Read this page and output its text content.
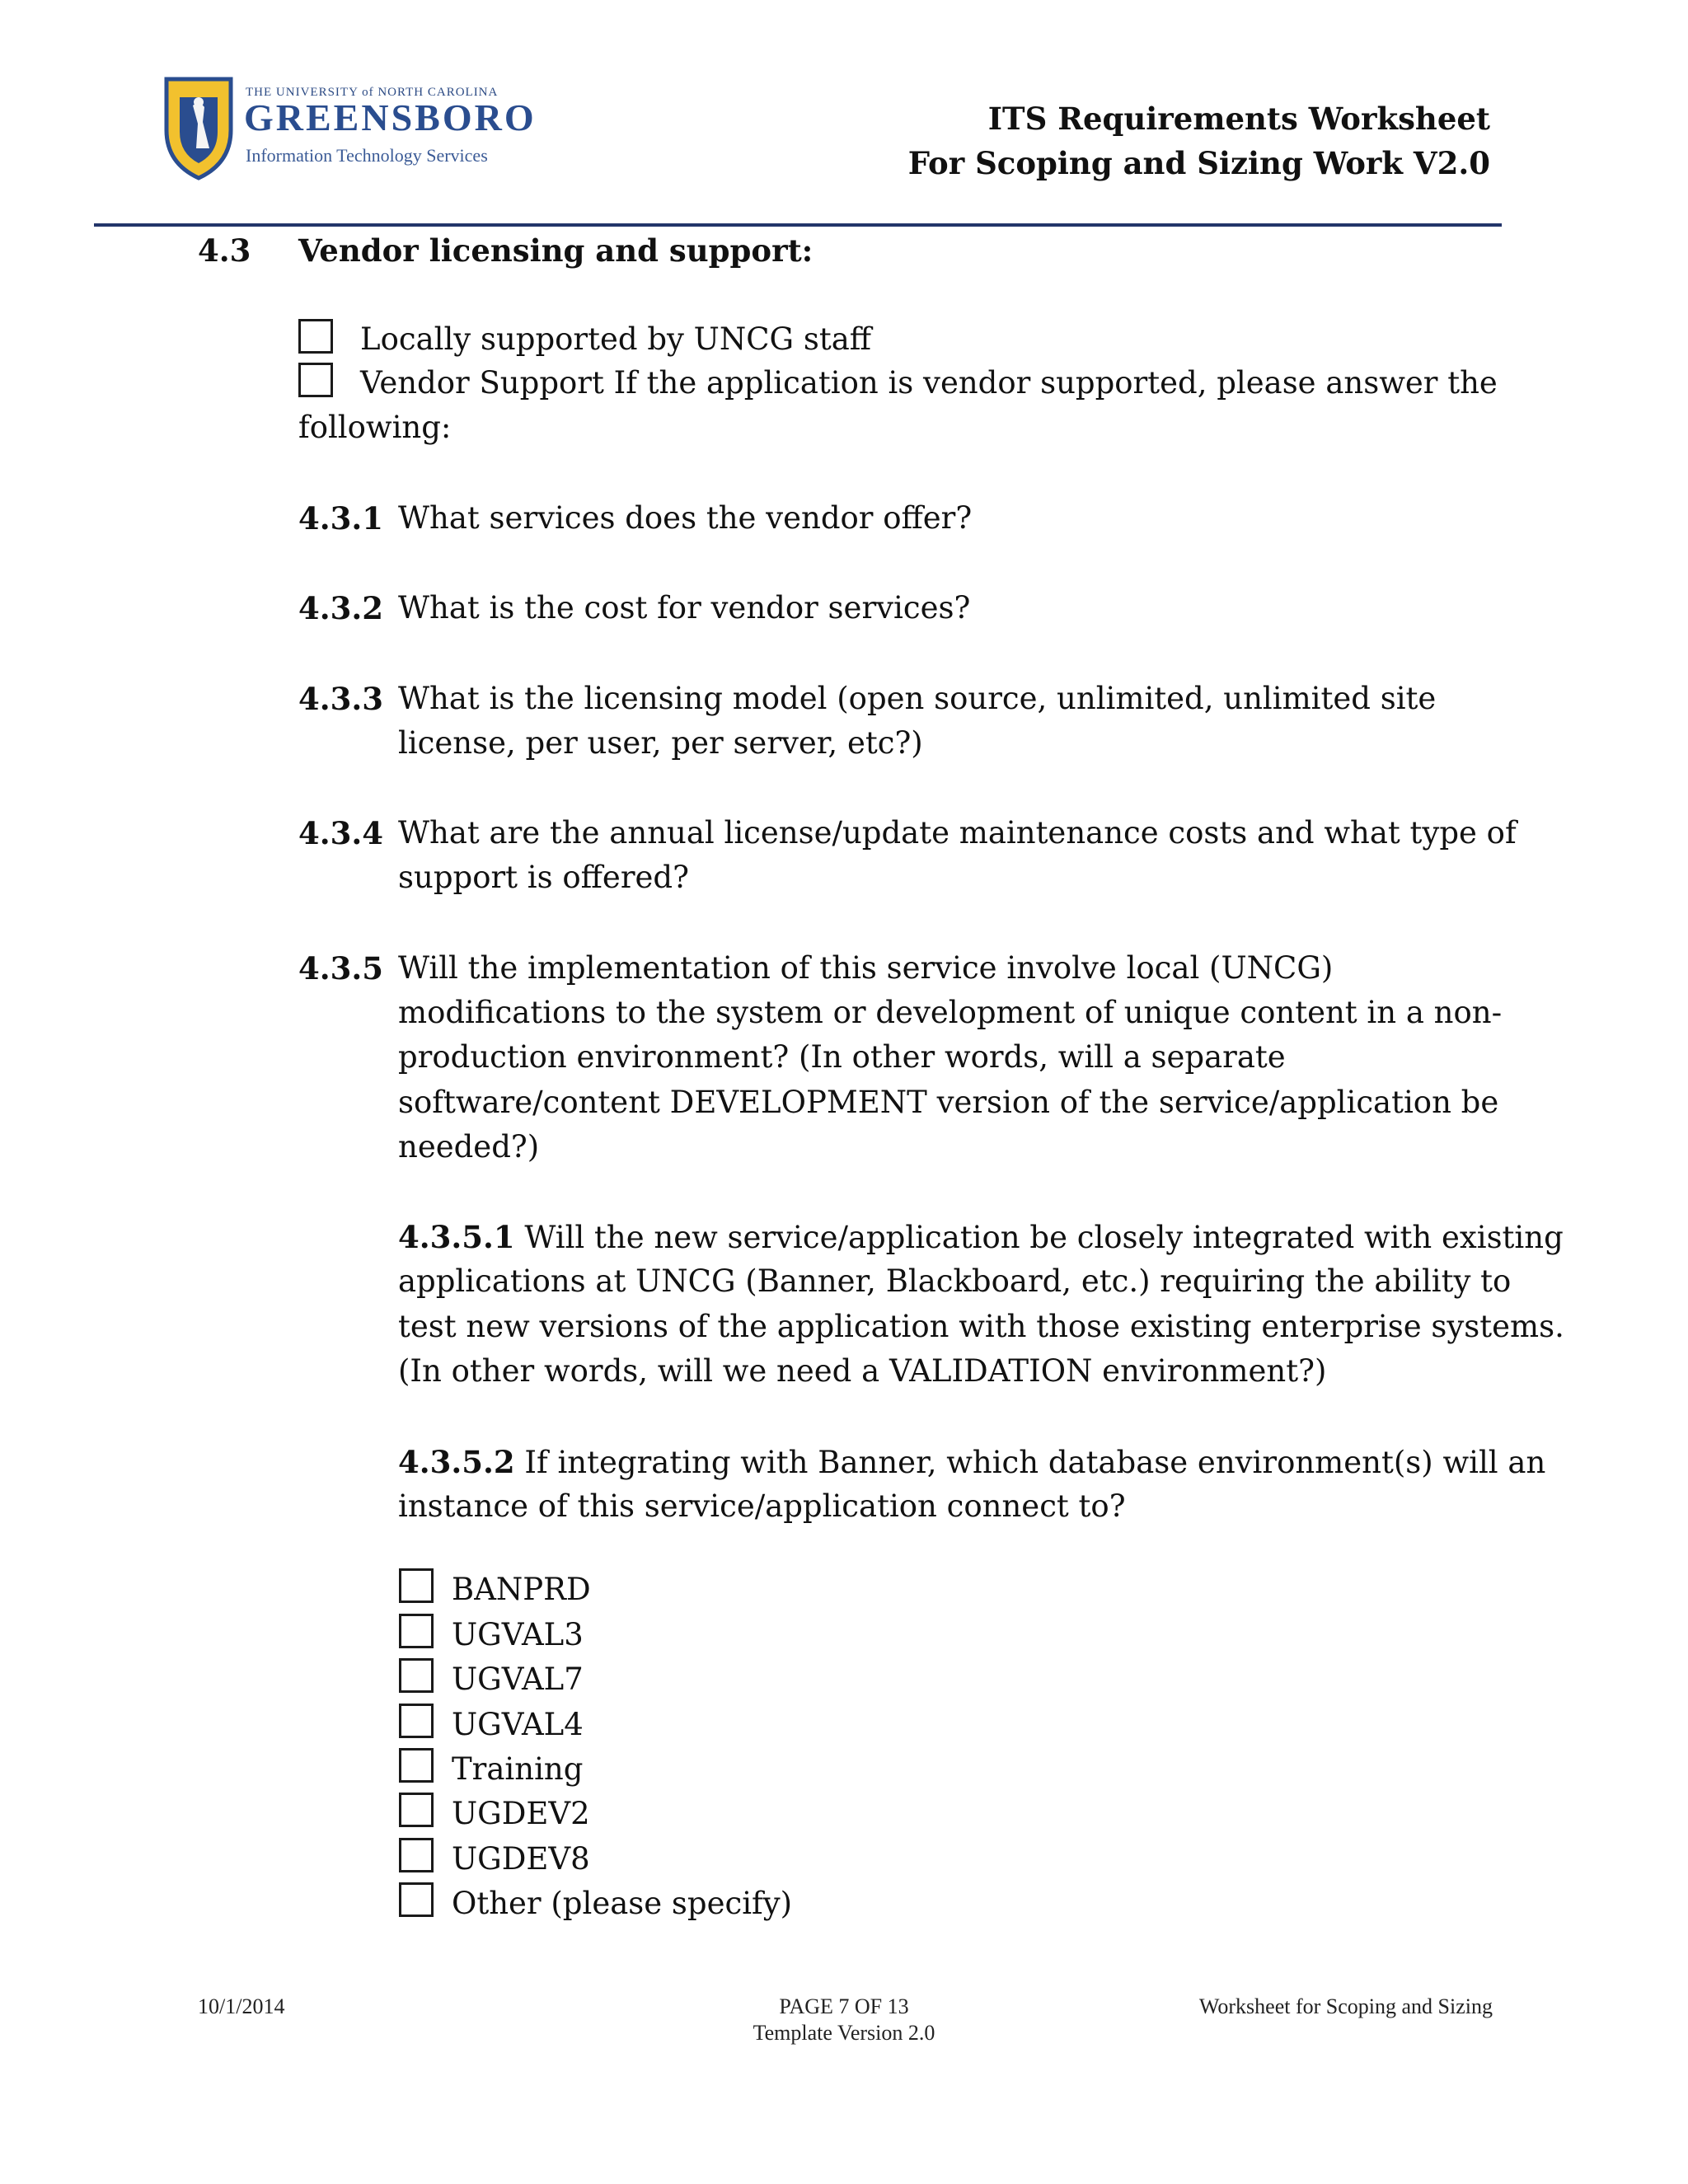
THE UNIVERSITY of NORTH CAROLINA
GREENSBORO
Information Technology Services
ITS Requirements Worksheet
For Scoping and Sizing Work V2.0
4.3 Vendor licensing and support:
Locally supported by UNCG staff
Vendor Support If the application is vendor supported, please answer the
following:
4.3.1 What services does the vendor offer?
4.3.2 What is the cost for vendor services?
4.3.3 What is the licensing model (open source, unlimited, unlimited site
license, per user, per server, etc?)
4.3.4 What are the annual license/update maintenance costs and what type of
support is offered?
4.3.5 Will the implementation of this service involve local (UNCG)
modifications to the system or development of unique content in a non-
production environment? (In other words, will a separate
software/content DEVELOPMENT version of the service/application be
needed?)
4.3.5.1 Will the new service/application be closely integrated with existing
applications at UNCG (Banner, Blackboard, etc.) requiring the ability to
test new versions of the application with those existing enterprise systems.
(In other words, will we need a VALIDATION environment?)
4.3.5.2 If integrating with Banner, which database environment(s) will an
instance of this service/application connect to?
BANPRD
UGVAL3
UGVAL7
UGVAL4
Training
UGDEV2
UGDEV8
Other (please specify)
10/1/2014	PAGE 7 OF 13
Template Version 2.0
Worksheet for Scoping and Sizing
